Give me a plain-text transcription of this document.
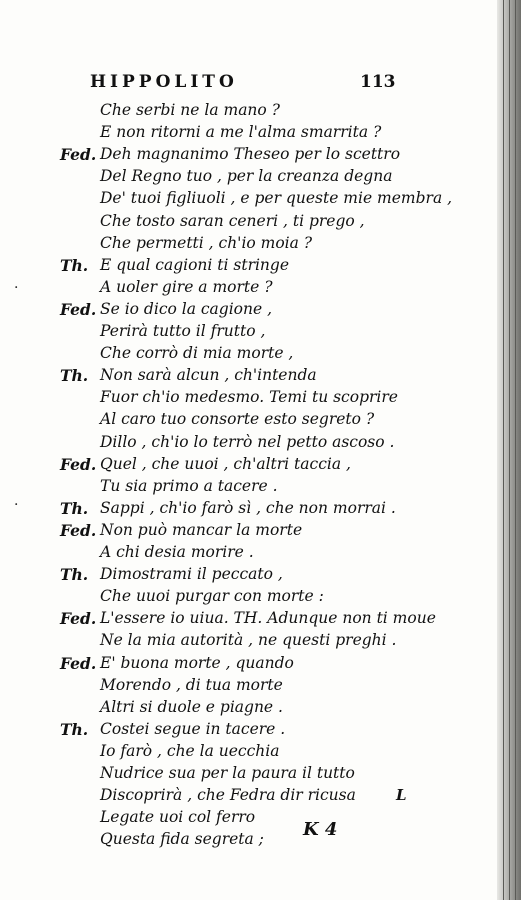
HIPPOLITO	113
·
·
Che serbi ne la mano ?
E non ritorni a me l'alma smarrita ?
Fed. Deh magnanimo Theseo per lo scettro
Del Regno tuo , per la creanza degna
De' tuoi figliuoli , e per queste mie membra ,
Che tosto saran ceneri , ti prego ,
Che permetti , ch'io moia ?
Th. E qual cagioni ti stringe
A uoler gire a morte ?
Fed. Se io dico la cagione ,
Perirà tutto il frutto ,
Che corrò di mia morte ,
Th. Non sarà alcun , ch'intenda
Fuor ch'io medesmo. Temi tu scoprire
Al caro tuo consorte esto segreto ?
Dillo , ch'io lo terrò nel petto ascoso .
Fed. Quel , che uuoi , ch'altri taccia ,
Tu sia primo a tacere .
Th. Sappi , ch'io farò sì , che non morrai .
Fed. Non può mancar la morte
A chi desia morire .
Th. Dimostrami il peccato ,
Che uuoi purgar con morte :
Fed. L'essere io uiua. TH. Adunque non ti moue
Ne la mia autorità , ne questi preghi .
Fed. E' buona morte , quando
Morendo , di tua morte
Altri si duole e piagne .
Th. Costei segue in tacere .
Io farò , che la uecchia
Nudrice sua per la paura il tutto
Discoprirà , che Fedra dir ricusa	L
Legate uoi col ferro
Questa fida segreta ; K 4
